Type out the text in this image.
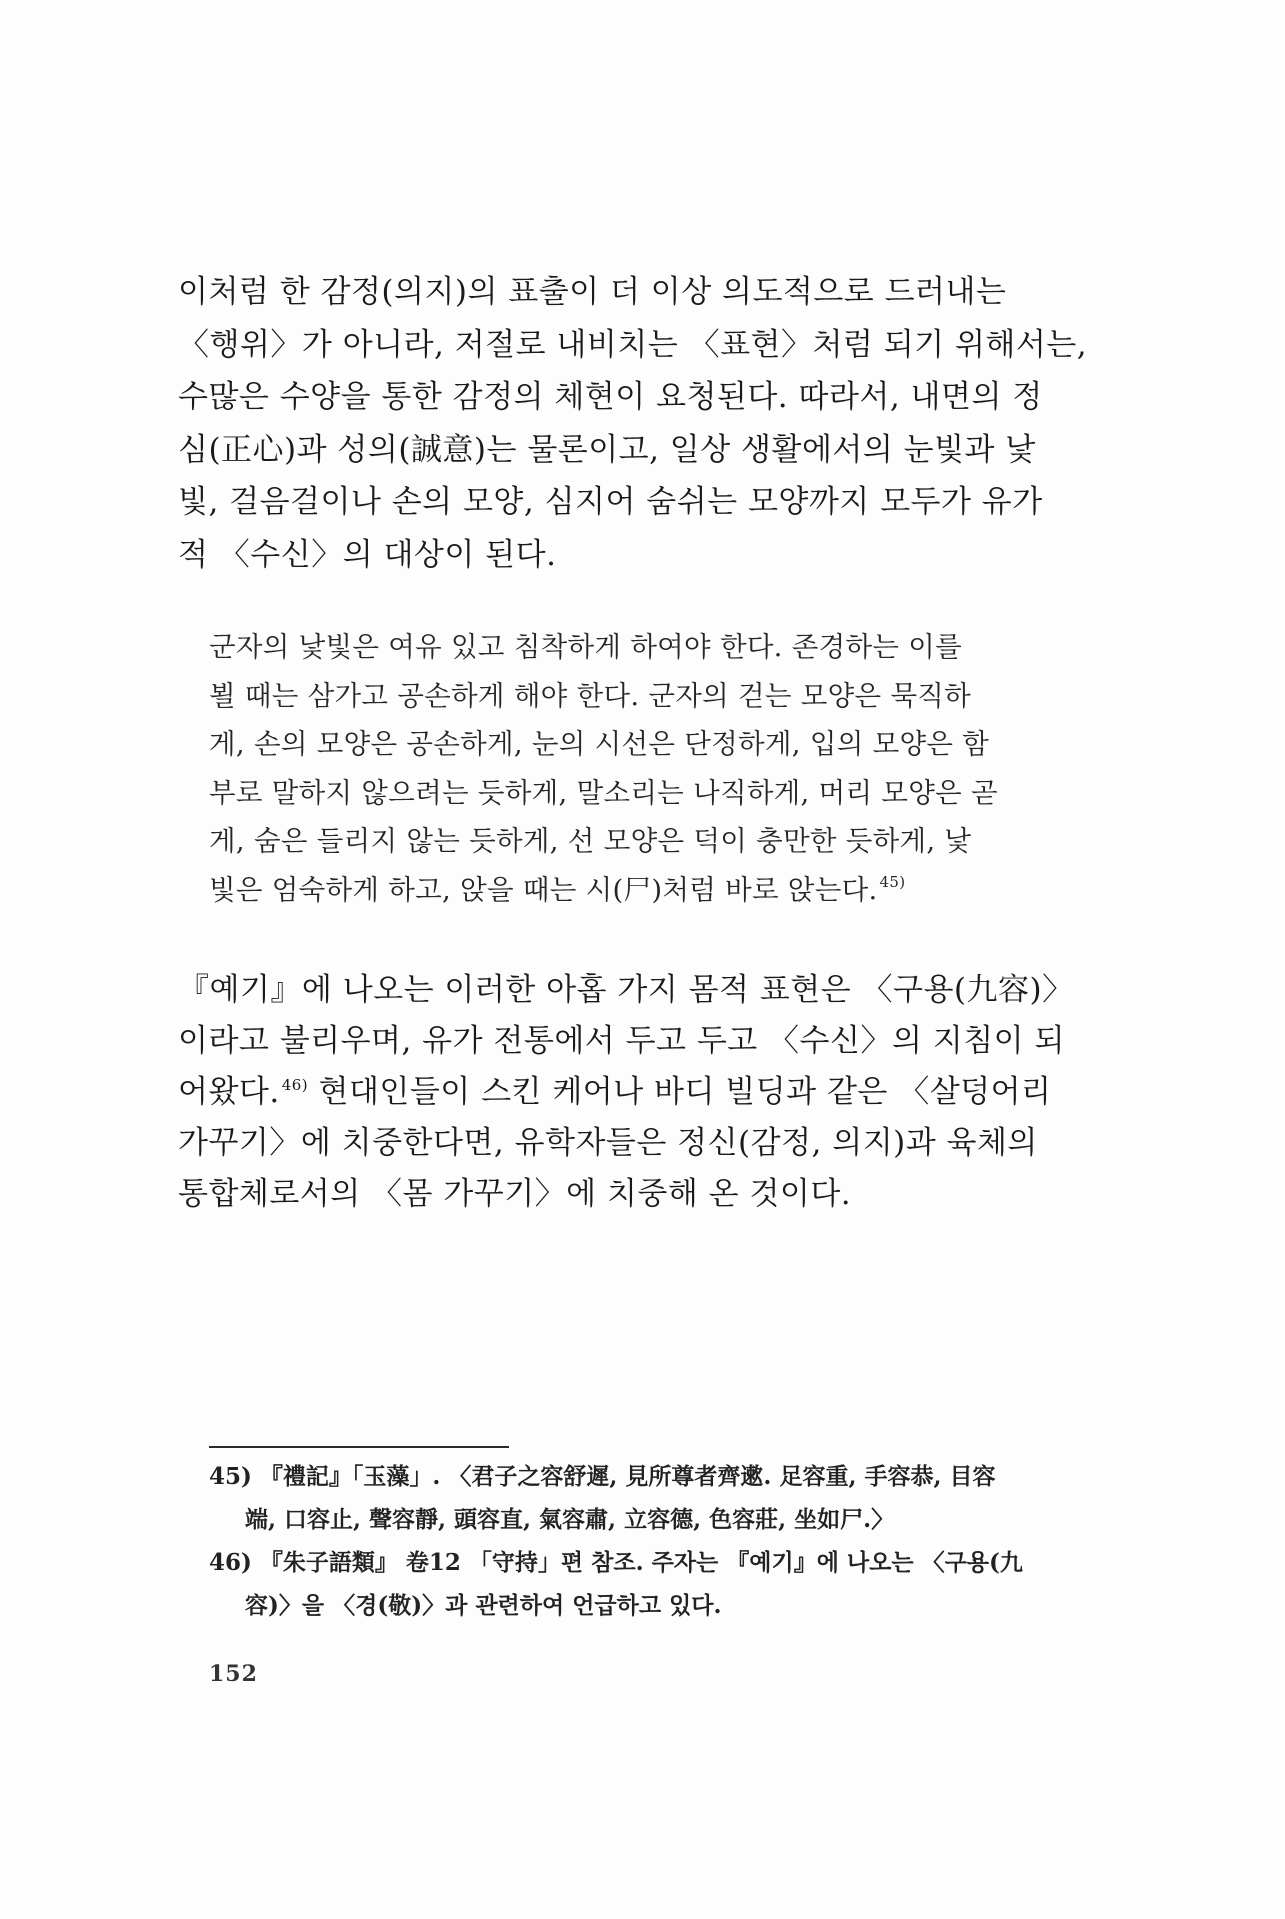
이처럼 한 감정(의지)의 표출이 더 이상 의도적으로 드러내는
〈행위〉가 아니라, 저절로 내비치는 〈표현〉처럼 되기 위해서는,
수많은 수양을 통한 감정의 체현이 요청된다. 따라서, 내면의 정
심(正心)과 성의(誠意)는 물론이고, 일상 생활에서의 눈빛과 낯
빛, 걸음걸이나 손의 모양, 심지어 숨쉬는 모양까지 모두가 유가
적 〈수신〉의 대상이 된다.
군자의 낯빛은 여유 있고 침착하게 하여야 한다. 존경하는 이를
뵐 때는 삼가고 공손하게 해야 한다. 군자의 걷는 모양은 묵직하
게, 손의 모양은 공손하게, 눈의 시선은 단정하게, 입의 모양은 함
부로 말하지 않으려는 듯하게, 말소리는 나직하게, 머리 모양은 곧
게, 숨은 들리지 않는 듯하게, 선 모양은 덕이 충만한 듯하게, 낯
빛은 엄숙하게 하고, 앉을 때는 시(尸)처럼 바로 앉는다. $^{45)}$
『예기』에 나오는 이러한 아홉 가지 몸적 표현은 〈구용(九容)〉
이라고 불리우며, 유가 전통에서 두고 두고 〈수신〉의 지침이 되
어왔다. $^{46)}$ 현대인들이 스킨 케어나 바디 빌딩과 같은 〈살덩어리
가꾸기〉에 치중한다면, 유학자들은 정신(감정, 의지)과 육체의
통합체로서의 〈몸 가꾸기〉에 치중해 온 것이다.
45) 『禮記』「玉藻」. 〈君子之容舒遲, 見所尊者齊遬. 足容重, 手容恭, 目容
端, 口容止, 聲容靜, 頭容直, 氣容肅, 立容德, 色容莊, 坐如尸.〉
46) 『朱子語類』 卷12 「守持」편 참조. 주자는 『예기』에 나오는 〈구용(九
容)〉을 〈경(敬)〉과 관련하여 언급하고 있다.
152
